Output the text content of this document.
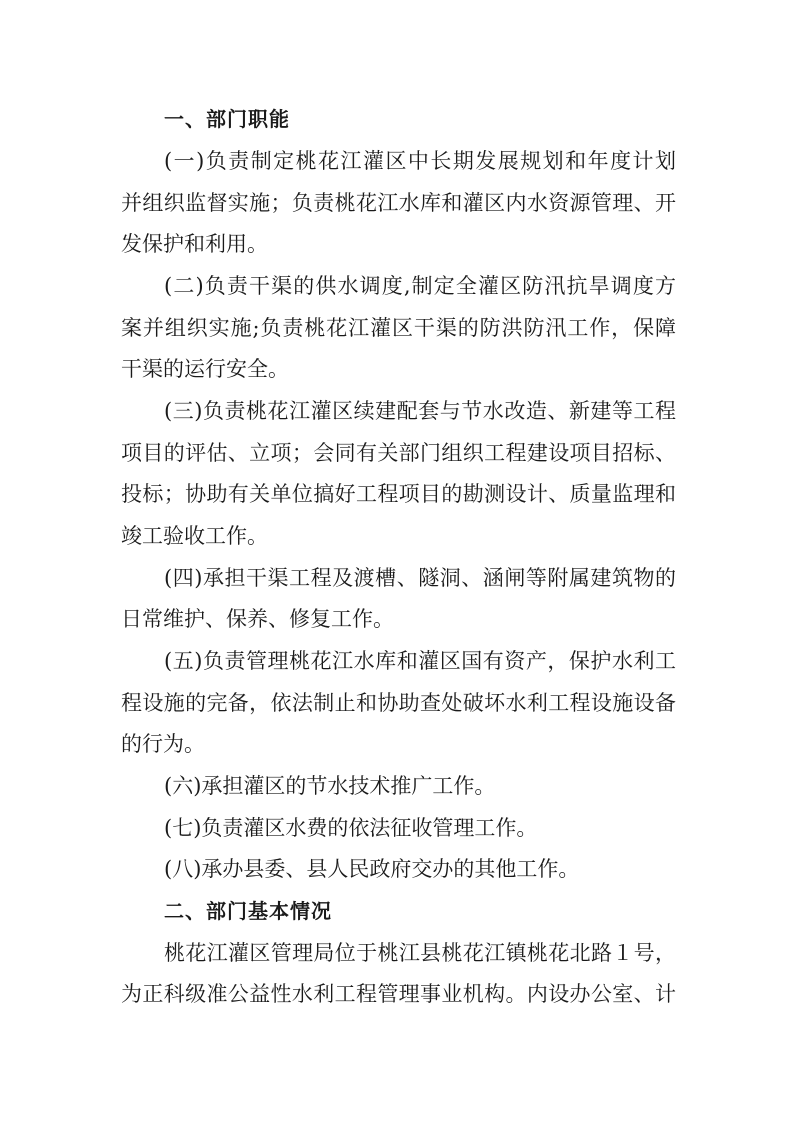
一、部门职能
(一)负责制定桃花江灌区中长期发展规划和年度计划
并组织监督实施；负责桃花江水库和灌区内水资源管理、开
发保护和利用。
(二)负责干渠的供水调度,制定全灌区防汛抗旱调度方
案并组织实施;负责桃花江灌区干渠的防洪防汛工作，保障
干渠的运行安全。
(三)负责桃花江灌区续建配套与节水改造、新建等工程
项目的评估、立项；会同有关部门组织工程建设项目招标、
投标；协助有关单位搞好工程项目的勘测设计、质量监理和
竣工验收工作。
(四)承担干渠工程及渡槽、隧洞、涵闸等附属建筑物的
日常维护、保养、修复工作。
(五)负责管理桃花江水库和灌区国有资产，保护水利工
程设施的完备，依法制止和协助查处破坏水利工程设施设备
的行为。
(六)承担灌区的节水技术推广工作。
(七)负责灌区水费的依法征收管理工作。
(八)承办县委、县人民政府交办的其他工作。
二、部门基本情况
桃花江灌区管理局位于桃江县桃花江镇桃花北路１号，
为正科级准公益性水利工程管理事业机构。内设办公室、计
